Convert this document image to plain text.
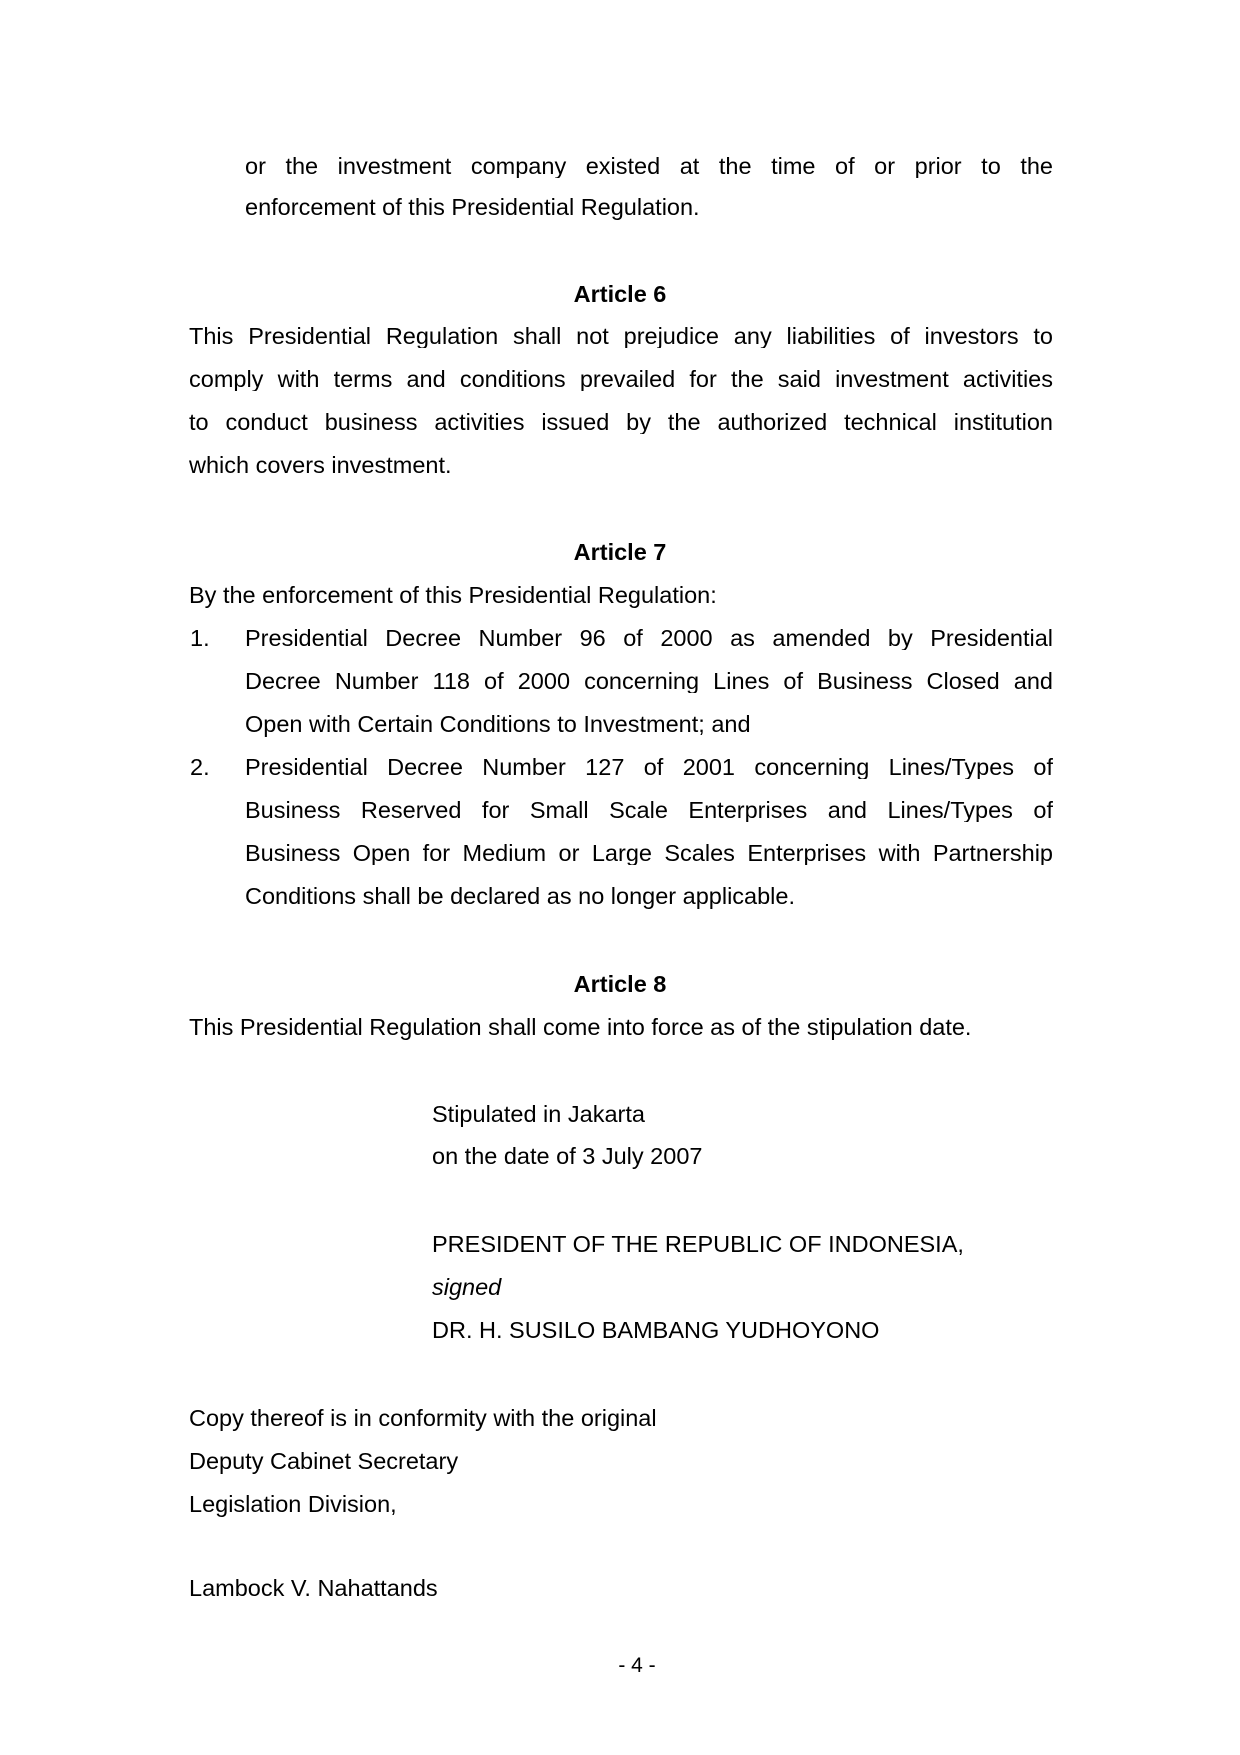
or the investment company existed at the time of or prior to the
enforcement of this Presidential Regulation.
Article 6
This Presidential Regulation shall not prejudice any liabilities of investors to
comply with terms and conditions prevailed for the said investment activities
to conduct business activities issued by the authorized technical institution
which covers investment.
Article 7
By the enforcement of this Presidential Regulation:
1. Presidential Decree Number 96 of 2000 as amended by Presidential
Decree Number 118 of 2000 concerning Lines of Business Closed and
Open with Certain Conditions to Investment; and
2. Presidential Decree Number 127 of 2001 concerning Lines/Types of
Business Reserved for Small Scale Enterprises and Lines/Types of
Business Open for Medium or Large Scales Enterprises with Partnership
Conditions shall be declared as no longer applicable.
Article 8
This Presidential Regulation shall come into force as of the stipulation date.
Stipulated in Jakarta
on the date of 3 July 2007
PRESIDENT OF THE REPUBLIC OF INDONESIA,
signed
DR. H. SUSILO BAMBANG YUDHOYONO
Copy thereof is in conformity with the original
Deputy Cabinet Secretary
Legislation Division,
Lambock V. Nahattands
- 4 -
